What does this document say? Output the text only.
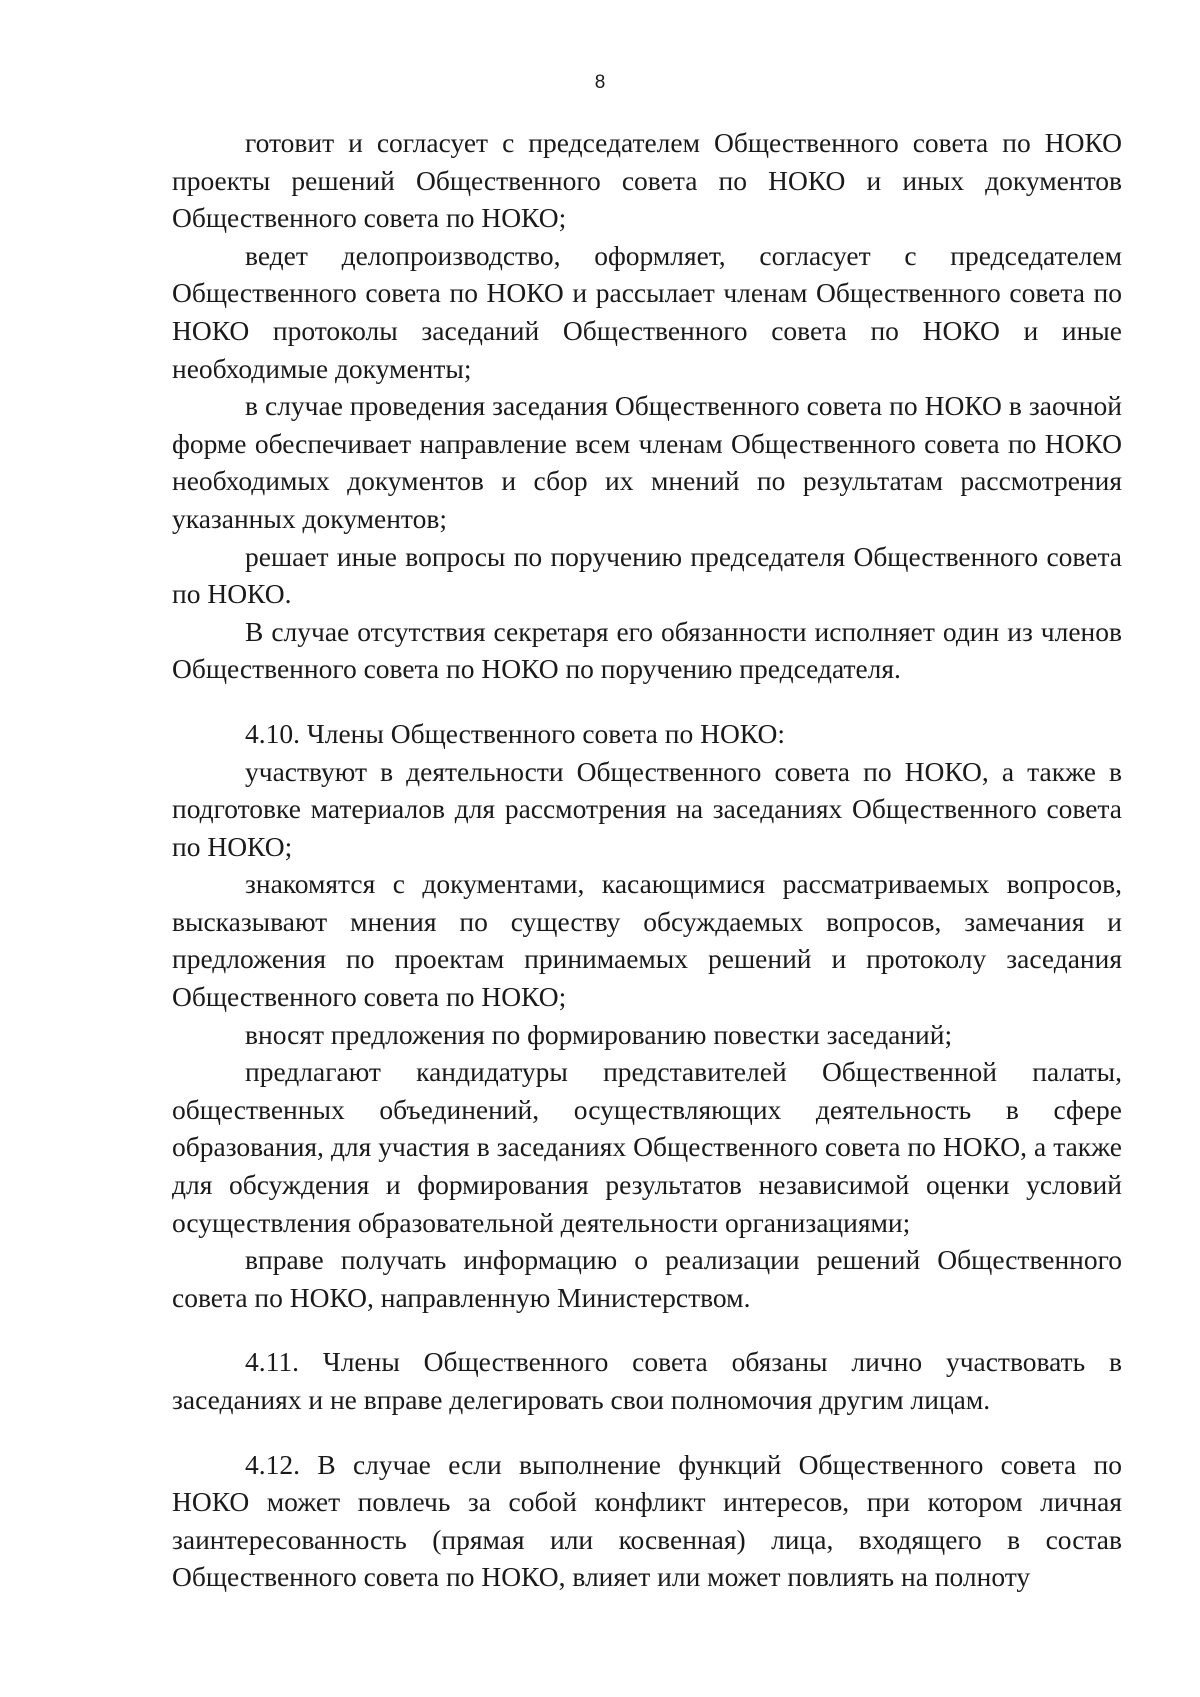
8

готовит и согласует с председателем Общественного совета по НОКО проекты решений Общественного совета по НОКО и иных документов Общественного совета по НОКО;

ведет делопроизводство, оформляет, согласует с председателем Общественного совета по НОКО и рассылает членам Общественного совета по НОКО протоколы заседаний Общественного совета по НОКО и иные необходимые документы;

в случае проведения заседания Общественного совета по НОКО в заочной форме обеспечивает направление всем членам Общественного совета по НОКО необходимых документов и сбор их мнений по результатам рассмотрения указанных документов;

решает иные вопросы по поручению председателя Общественного совета по НОКО.

В случае отсутствия секретаря его обязанности исполняет один из членов Общественного совета по НОКО по поручению председателя.

4.10. Члены Общественного совета по НОКО:

участвуют в деятельности Общественного совета по НОКО, а также в подготовке материалов для рассмотрения на заседаниях Общественного совета по НОКО;

знакомятся с документами, касающимися рассматриваемых вопросов, высказывают мнения по существу обсуждаемых вопросов, замечания и предложения по проектам принимаемых решений и протоколу заседания Общественного совета по НОКО;

вносят предложения по формированию повестки заседаний;

предлагают кандидатуры представителей Общественной палаты, общественных объединений, осуществляющих деятельность в сфере образования, для участия в заседаниях Общественного совета по НОКО, а также для обсуждения и формирования результатов независимой оценки условий осуществления образовательной деятельности организациями;

вправе получать информацию о реализации решений Общественного совета по НОКО, направленную Министерством.

4.11. Члены Общественного совета обязаны лично участвовать в заседаниях и не вправе делегировать свои полномочия другим лицам.

4.12. В случае если выполнение функций Общественного совета по НОКО может повлечь за собой конфликт интересов, при котором личная заинтересованность (прямая или косвенная) лица, входящего в состав Общественного совета по НОКО, влияет или может повлиять на полноту
